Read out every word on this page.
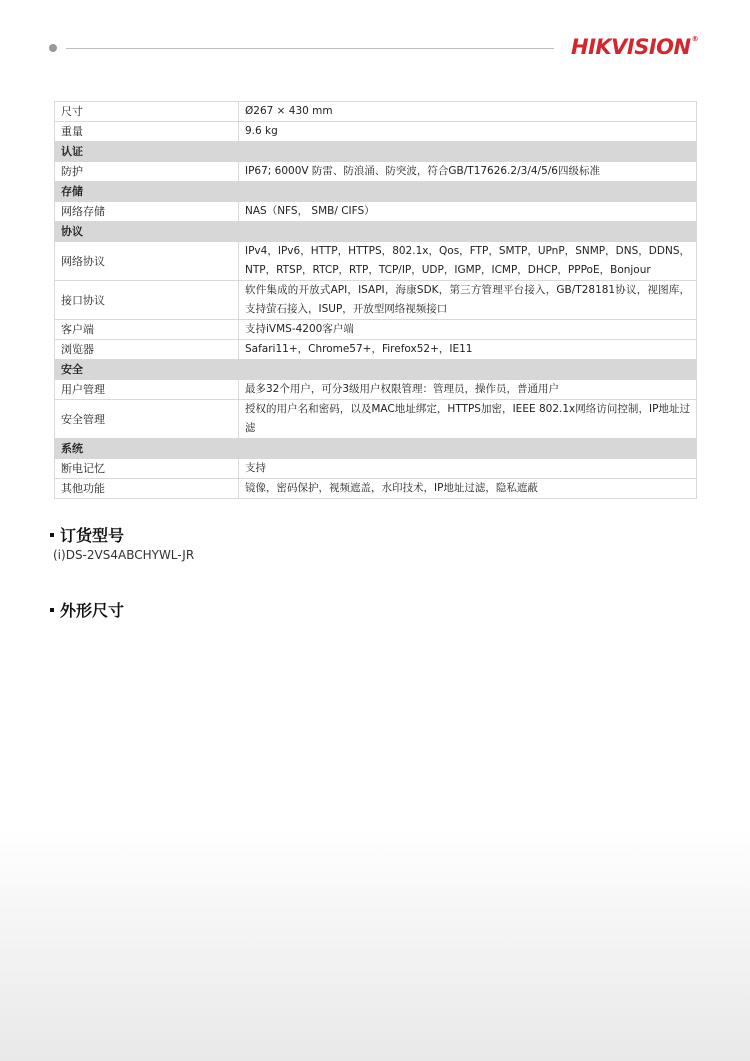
HIKVISION®
尺寸	Ø267 × 430 mm
重量	9.6 kg
认证	
防护	IP67; 6000V 防雷、防浪涌、防突波，符合GB/T17626.2/3/4/5/6四级标准
存储	
网络存储	NAS（NFS， SMB/ CIFS）
协议	
网络协议	IPv4，IPv6，HTTP，HTTPS，802.1x，Qos，FTP，SMTP，UPnP，SNMP，DNS，DDNS，NTP，RTSP，RTCP，RTP，TCP/IP，UDP，IGMP，ICMP，DHCP，PPPoE，Bonjour
接口协议	软件集成的开放式API，ISAPI，海康SDK，第三方管理平台接入，GB/T28181协议，视图库，支持萤石接入，ISUP，开放型网络视频接口
客户端	支持iVMS-4200客户端
浏览器	Safari11+，Chrome57+，Firefox52+，IE11
安全	
用户管理	最多32个用户，可分3级用户权限管理：管理员，操作员，普通用户
安全管理	授权的用户名和密码，以及MAC地址绑定，HTTPS加密，IEEE 802.1x网络访问控制，IP地址过滤
系统	
断电记忆	支持
其他功能	镜像，密码保护，视频遮盖，水印技术，IP地址过滤，隐私遮蔽
订货型号
(i)DS-2VS4ABCHYWL-JR
外形尺寸
